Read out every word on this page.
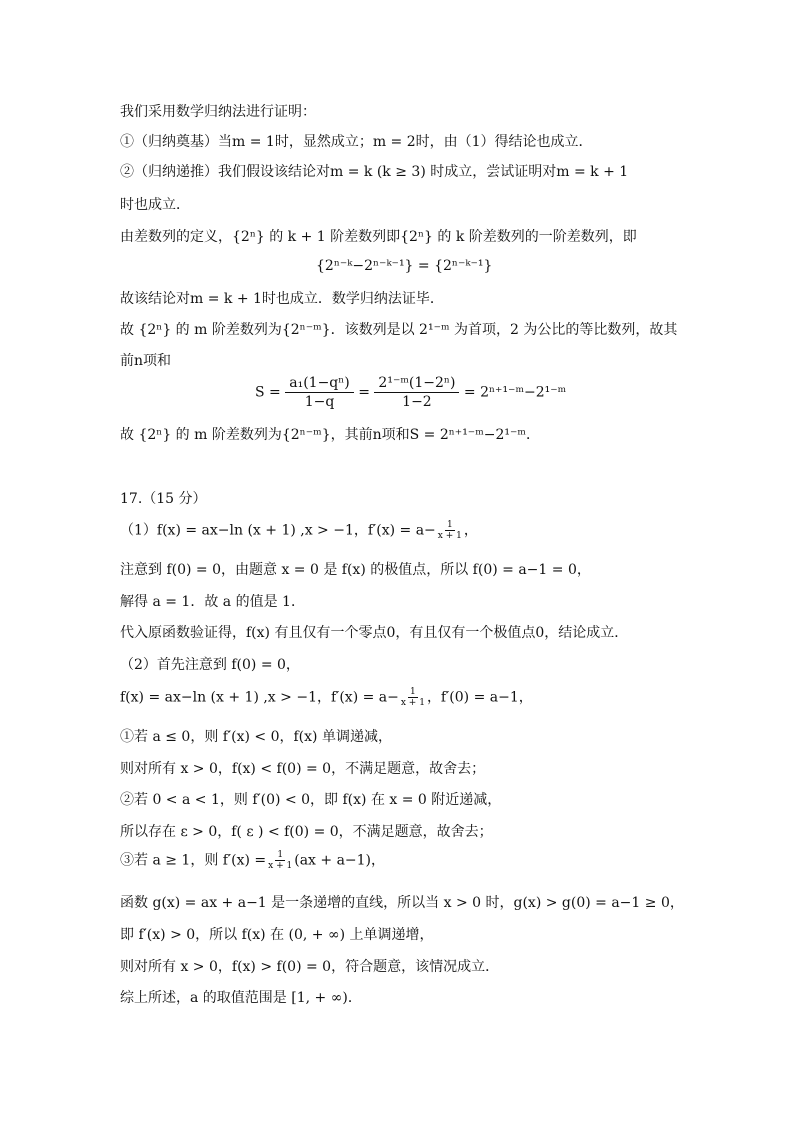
我们采用数学归纳法进行证明：
①（归纳奠基）当m = 1时，显然成立；m = 2时，由（1）得结论也成立．
②（归纳递推）我们假设该结论对m = k (k ≥ 3) 时成立，尝试证明对m = k + 1
时也成立．
由差数列的定义，{2ⁿ} 的 k + 1 阶差数列即{2ⁿ} 的 k 阶差数列的一阶差数列，即
{2ⁿ⁻ᵏ−2ⁿ⁻ᵏ⁻¹} = {2ⁿ⁻ᵏ⁻¹}
故该结论对m = k + 1时也成立．数学归纳法证毕．
故 {2ⁿ} 的 m 阶差数列为{2ⁿ⁻ᵐ}．该数列是以 2¹⁻ᵐ 为首项，2 为公比的等比数列，故其
前n项和
$S = \frac{\text{a₁(1−qⁿ)}}{1-q} = \frac{\text{2¹⁻ᵐ(1−2ⁿ)}}{1-2}$ = 2ⁿ⁺¹⁻ᵐ−2¹⁻ᵐ
故 {2ⁿ} 的 m 阶差数列为{2ⁿ⁻ᵐ}，其前n项和S = 2ⁿ⁺¹⁻ᵐ−2¹⁻ᵐ．
17.（15 分）
（1）f(x) = ax−ln (x + 1) ,x > −1，$f'(x) = a- \frac{1}{x + 1}$ ，
注意到 f(0) = 0，由题意 x = 0 是 f(x) 的极值点，所以 f(0) = a−1 = 0，
解得 a = 1．故 a 的值是 1．
代入原函数验证得，f(x) 有且仅有一个零点0，有且仅有一个极值点0，结论成立．
（2）首先注意到 f(0) = 0，
f(x) = ax−ln (x + 1) ,x > −1，$f'(x) = a- \frac{1}{x + 1}$ ，f′(0) = a−1，
①若 a ≤ 0，则 f′(x) < 0，f(x) 单调递减，
则对所有 x > 0，f(x) < f(0) = 0，不满足题意，故舍去；
②若 0 < a < 1，则 f′(0) < 0，即 f(x) 在 x = 0 附近递减，
所以存在 ε > 0，f( ε ) < f(0) = 0，不满足题意，故舍去；
③若 a ≥ 1，则 $f'(x) = \frac{1}{x + 1} (ax + a-1)$，
函数 g(x) = ax + a−1 是一条递增的直线，所以当 x > 0 时，g(x) > g(0) = a−1 ≥ 0，
即 f′(x) > 0，所以 f(x) 在 (0, + ∞) 上单调递增，
则对所有 x > 0，f(x) > f(0) = 0，符合题意，该情况成立．
综上所述，a 的取值范围是 [1, + ∞)．
